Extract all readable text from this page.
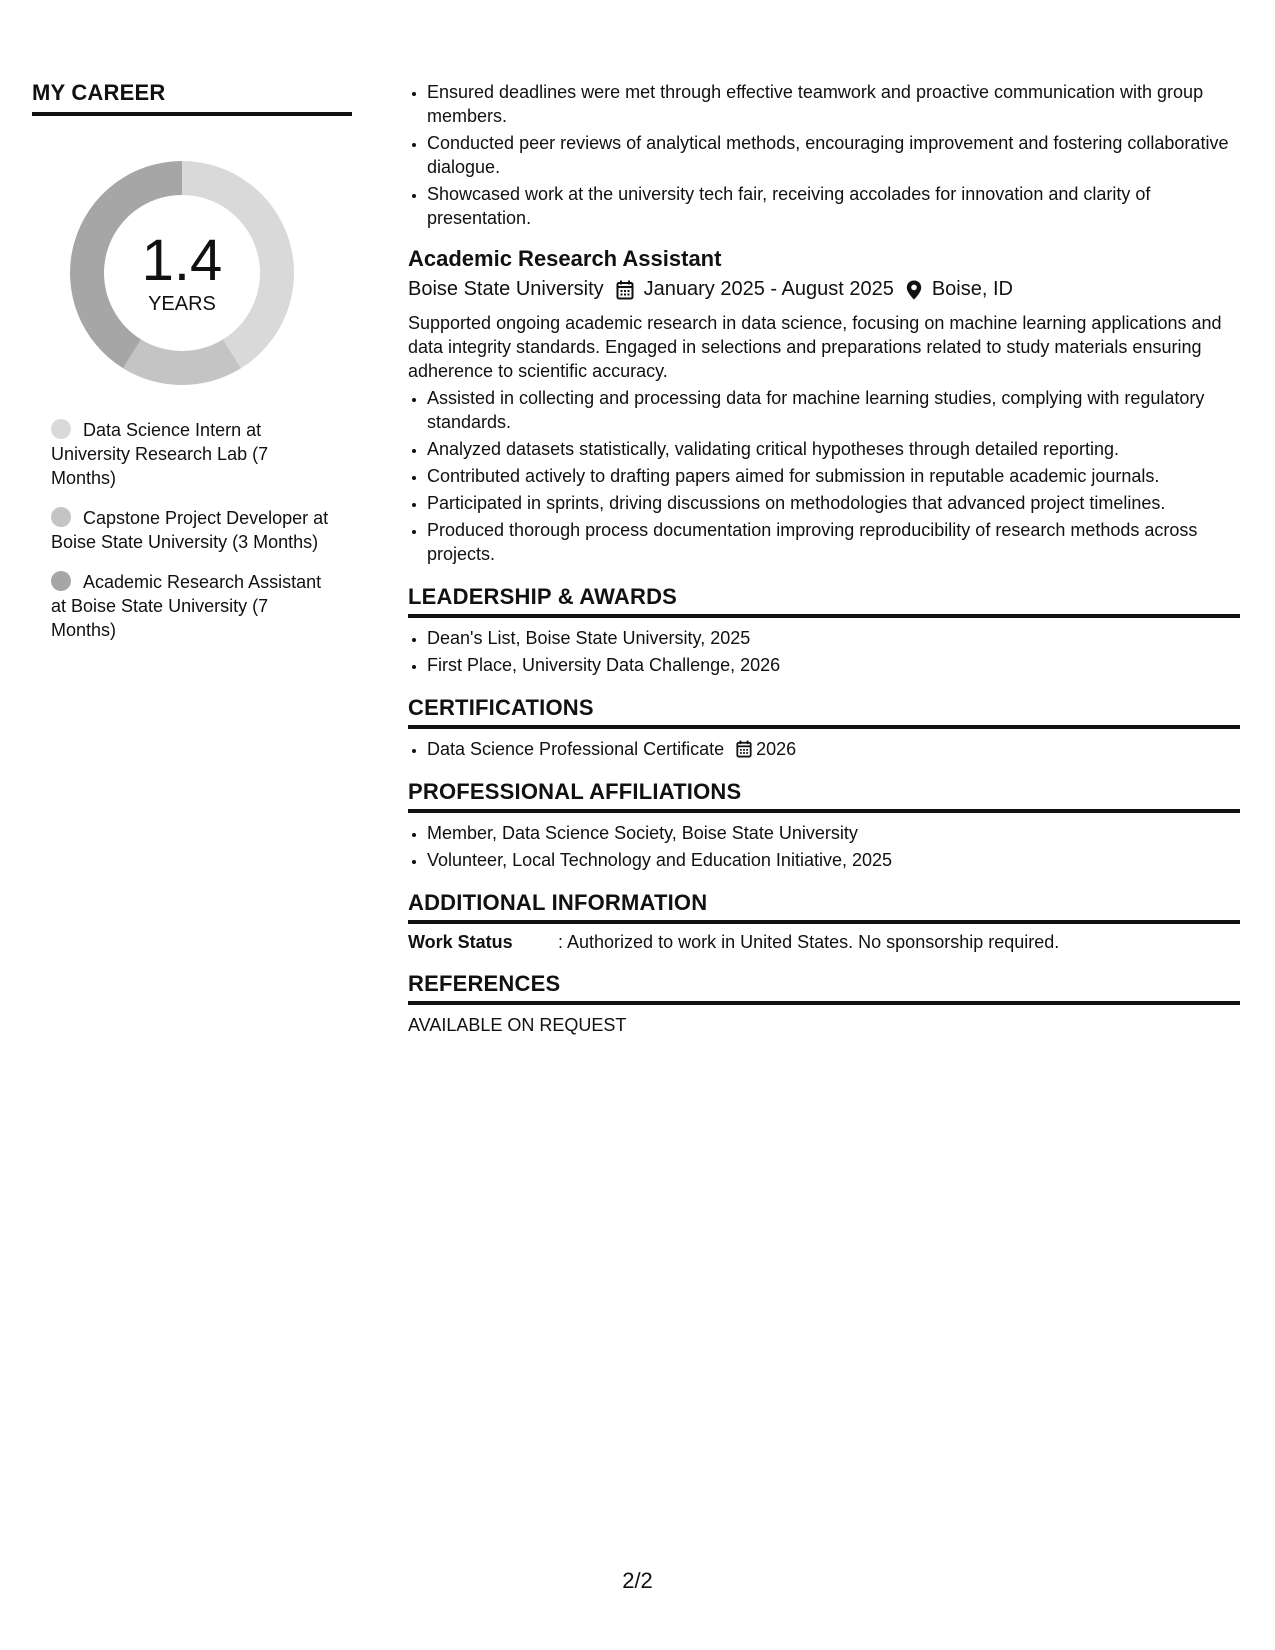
MY CAREER
1.4
YEARS
Data Science Intern at University Research Lab (7 Months)
Capstone Project Developer at Boise State University (3 Months)
Academic Research Assistant at Boise State University (7 Months)
• Ensured deadlines were met through effective teamwork and proactive communication with group members.
• Conducted peer reviews of analytical methods, encouraging improvement and fostering collaborative dialogue.
• Showcased work at the university tech fair, receiving accolades for innovation and clarity of presentation.
Academic Research Assistant
Boise State University January 2025 - August 2025 Boise, ID

Supported ongoing academic research in data science, focusing on machine learning applications and data integrity standards. Engaged in selections and preparations related to study materials ensuring adherence to scientific accuracy.

• Assisted in collecting and processing data for machine learning studies, complying with regulatory standards.
• Analyzed datasets statistically, validating critical hypotheses through detailed reporting.
• Contributed actively to drafting papers aimed for submission in reputable academic journals.
• Participated in sprints, driving discussions on methodologies that advanced project timelines.
• Produced thorough process documentation improving reproducibility of research methods across projects.
LEADERSHIP & AWARDS
• Dean's List, Boise State University, 2025
• First Place, University Data Challenge, 2026
CERTIFICATIONS
• Data Science Professional Certificate 2026
PROFESSIONAL AFFILIATIONS
• Member, Data Science Society, Boise State University
• Volunteer, Local Technology and Education Initiative, 2025
ADDITIONAL INFORMATION
Work Status	: Authorized to work in United States. No sponsorship required.
REFERENCES
AVAILABLE ON REQUEST
2/2
